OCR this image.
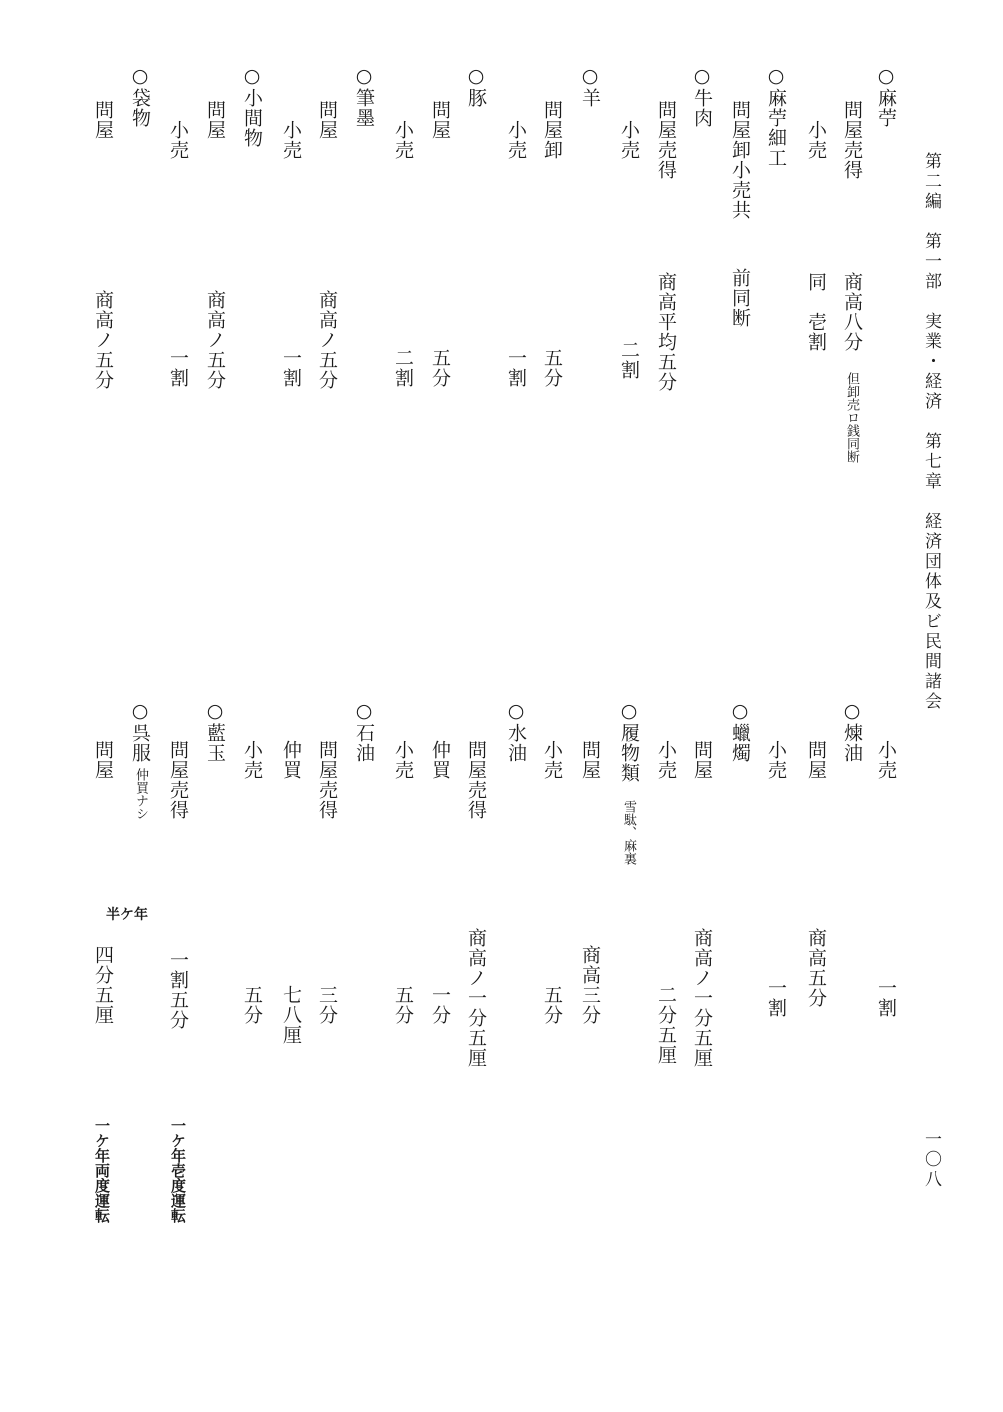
第二編　第一部　実業・経済　第七章　経済団体及ビ民間諸会
一〇八
○麻苧
問屋売得
商高八分
但卸売ロ銭同断
小売
同　壱割
○麻苧細工
問屋卸小売共
前同断
○牛肉
問屋売得
商高平均五分
小売
二割
○羊
問屋卸
五分
小売
一割
○豚
問屋
五分
小売
二割
○筆墨
問屋
商高ノ五分
小売
一割
○小間物
問屋
商高ノ五分
小売
一割
○袋物
問屋
商高ノ五分
小売
一割
○煉油
問屋
商高五分
小売
一割
○蠟燭
問屋
商高ノ一分五厘
小売
二分五厘
○履物類
雪駄、麻裏
問屋
商高三分
小売
五分
○水油
問屋売得
商高ノ一分五厘
仲買
一分
小売
五分
○石油
問屋売得
三分
仲買
七八厘
小売
五分
○藍玉
問屋売得
一割五分
一ケ年壱度運転
○呉服
仲買ナシ
半ケ年
問屋
四分五厘
一ケ年両度運転
